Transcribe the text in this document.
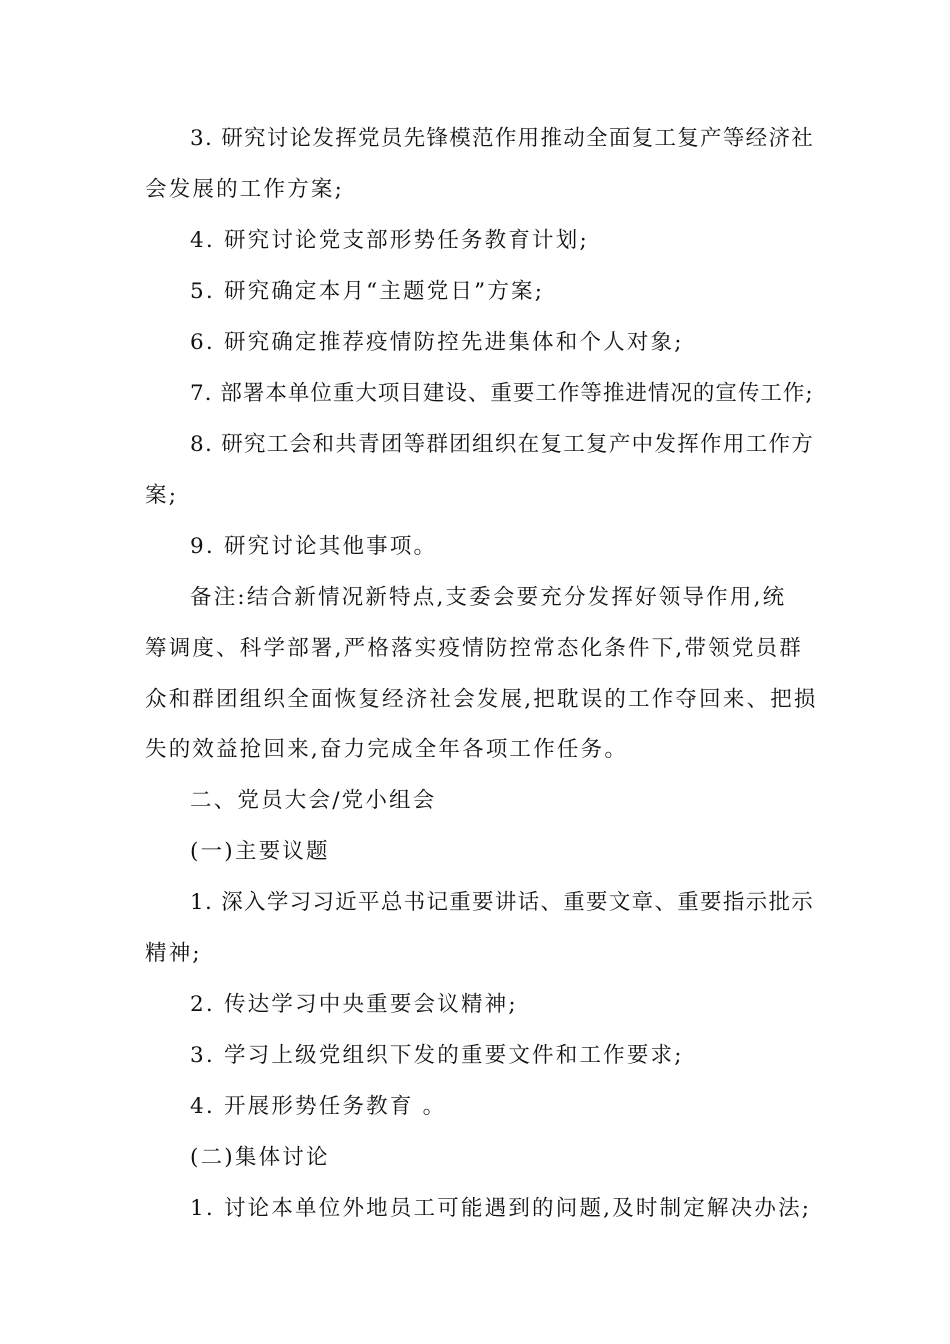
3. 研究讨论发挥党员先锋模范作用推动全面复工复产等经济社
会发展的工作方案;
4. 研究讨论党支部形势任务教育计划;
5. 研究确定本月“主题党日”方案;
6. 研究确定推荐疫情防控先进集体和个人对象;
7. 部署本单位重大项目建设、重要工作等推进情况的宣传工作;
8. 研究工会和共青团等群团组织在复工复产中发挥作用工作方
案;
9. 研究讨论其他事项。
备注:结合新情况新特点,支委会要充分发挥好领导作用,统
筹调度、科学部署,严格落实疫情防控常态化条件下,带领党员群
众和群团组织全面恢复经济社会发展,把耽误的工作夺回来、把损
失的效益抢回来,奋力完成全年各项工作任务。
二、党员大会/党小组会
(一)主要议题
1. 深入学习习近平总书记重要讲话、重要文章、重要指示批示
精神;
2. 传达学习中央重要会议精神;
3. 学习上级党组织下发的重要文件和工作要求;
4. 开展形势任务教育 。
(二)集体讨论
1. 讨论本单位外地员工可能遇到的问题,及时制定解决办法;
